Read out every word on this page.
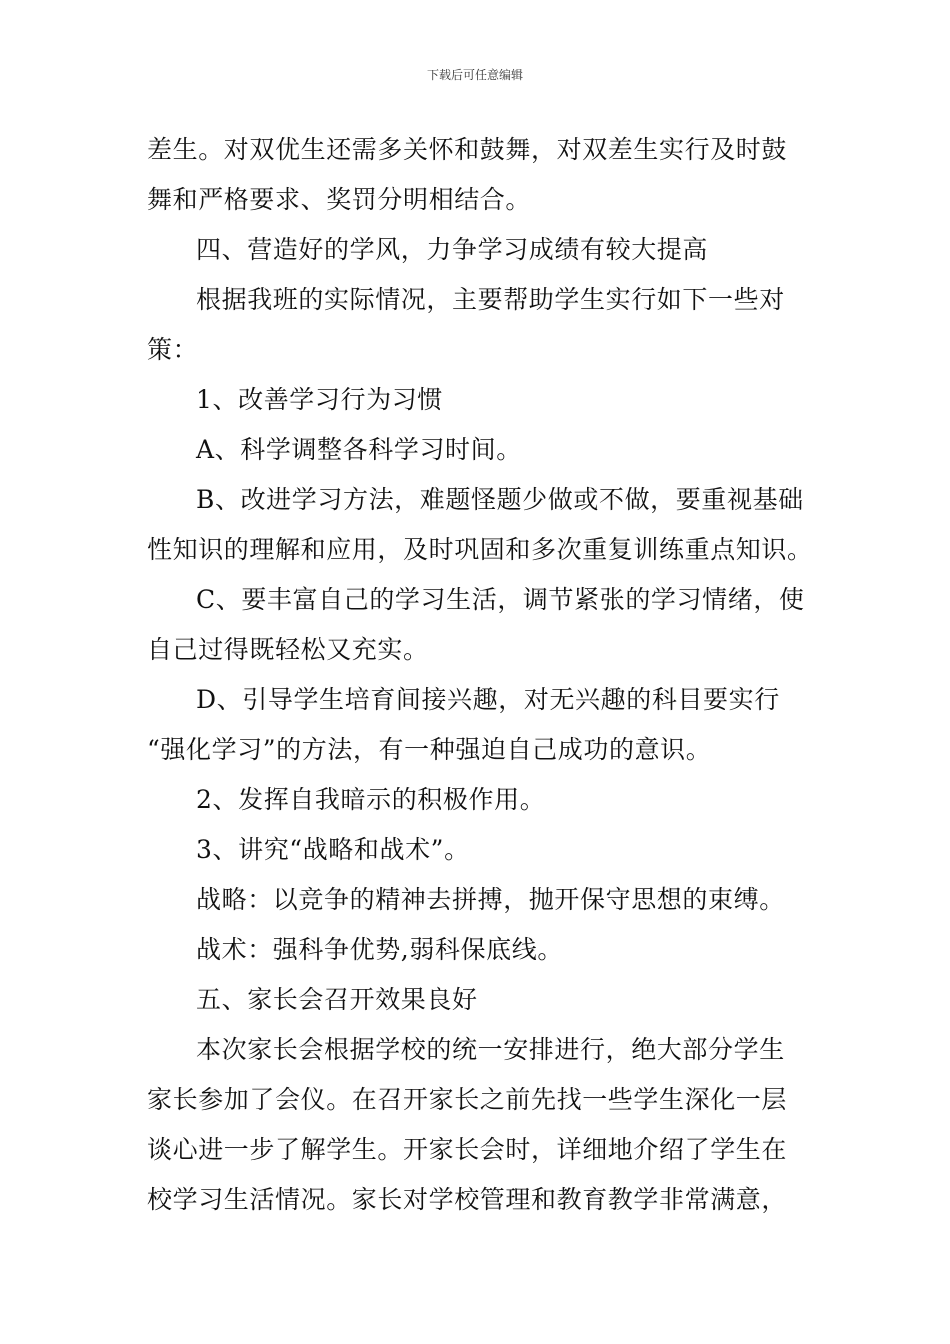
下载后可任意编辑
差生。对双优生还需多关怀和鼓舞，对双差生实行及时鼓
舞和严格要求、奖罚分明相结合。
四、营造好的学风，力争学习成绩有较大提高
根据我班的实际情况，主要帮助学生实行如下一些对
策：
1、改善学习行为习惯
A、科学调整各科学习时间。
B、改进学习方法，难题怪题少做或不做，要重视基础
性知识的理解和应用，及时巩固和多次重复训练重点知识。
C、要丰富自己的学习生活，调节紧张的学习情绪，使
自己过得既轻松又充实。
D、引导学生培育间接兴趣，对无兴趣的科目要实行
“强化学习”的方法，有一种强迫自己成功的意识。
2、发挥自我暗示的积极作用。
3、讲究“战略和战术”。
战略：以竞争的精神去拼搏，抛开保守思想的束缚。
战术：强科争优势,弱科保底线。
五、家长会召开效果良好
本次家长会根据学校的统一安排进行，绝大部分学生
家长参加了会仪。在召开家长之前先找一些学生深化一层
谈心进一步了解学生。开家长会时，详细地介绍了学生在
校学习生活情况。家长对学校管理和教育教学非常满意，
